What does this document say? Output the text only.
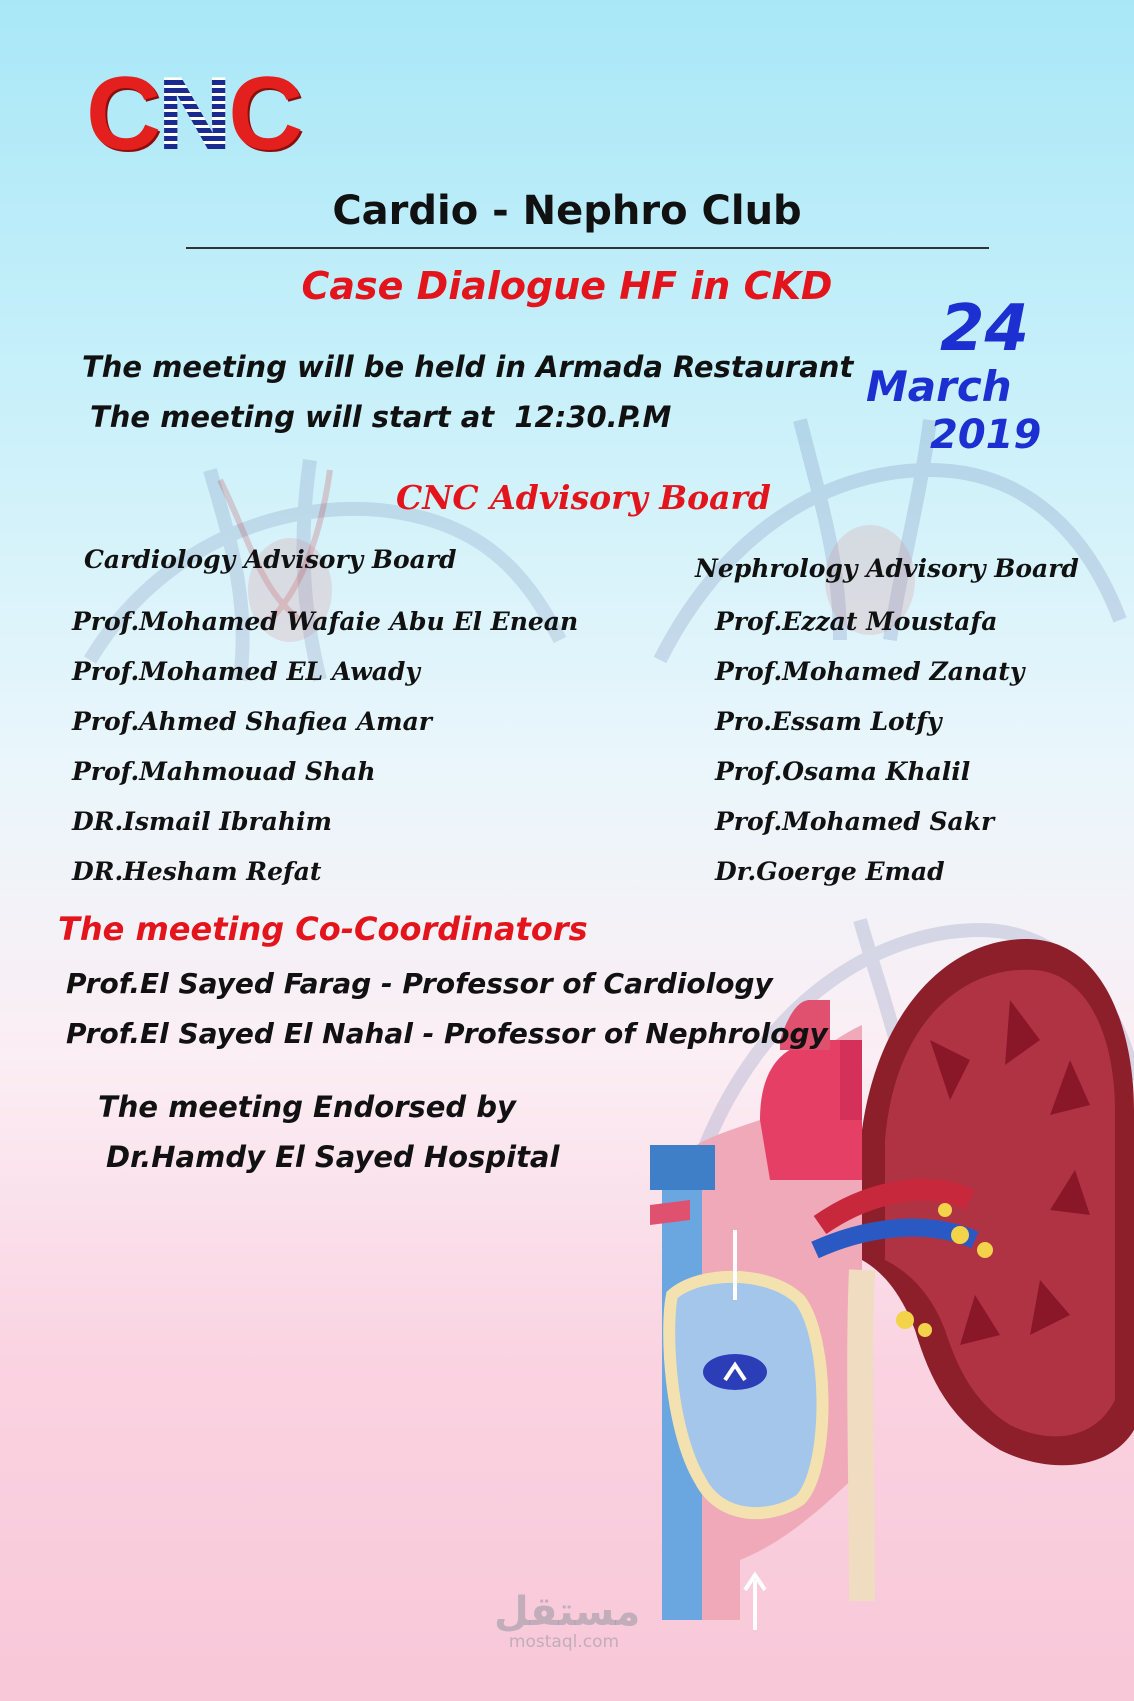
CNC
Cardio - Nephro Club
Case Dialogue HF in CKD
The meeting will be held in Armada Restaurant
The meeting will start at  12:30.P.M
24
March
2019
CNC Advisory Board
Cardiology Advisory Board	Nephrology Advisory Board
Prof.Mohamed Wafaie Abu El Enean
Prof.Mohamed EL Awady
Prof.Ahmed Shafiea Amar
Prof.Mahmouad Shah
DR.Ismail Ibrahim
DR.Hesham Refat
Prof.Ezzat Moustafa
Prof.Mohamed Zanaty
Pro.Essam Lotfy
Prof.Osama Khalil
Prof.Mohamed Sakr
Dr.Goerge Emad
The meeting Co-Coordinators
Prof.El Sayed Farag - Professor of Cardiology
Prof.El Sayed El Nahal - Professor of Nephrology
The meeting Endorsed by
Dr.Hamdy El Sayed Hospital
مستقل
mostaql.com
